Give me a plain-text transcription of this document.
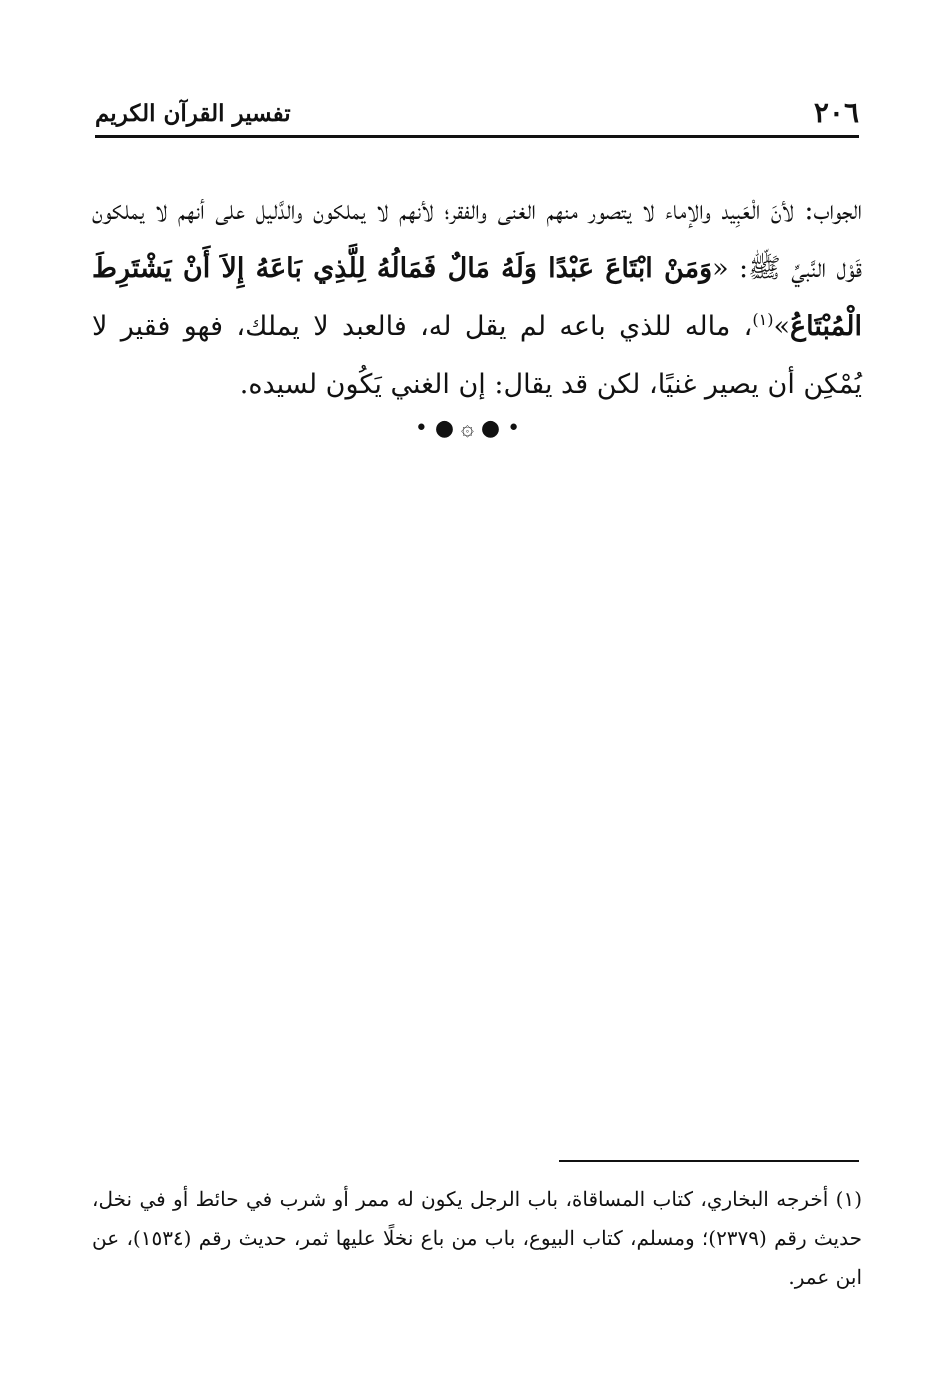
٢٠٦
تفسير القرآن الكريم

الجواب: لأنَ الْعَبِيد والإماء لا يتصور منهم الغنى والفقر؛ لأنهم لا يملكون والدَّليل على أنهم لا يملكون قَوْل النَّبيِّ ﷺ: «وَمَنْ ابْتَاعَ عَبْدًا وَلَهُ مَالٌ فَمَالُهُ لِلَّذِي بَاعَهُ إِلاَ أَنْ يَشْتَرِطَ الْمُبْتَاعُ»$^{(١)}$، ماله للذي باعه لم يقل له، فالعبد لا يملك، فهو فقير لا يُمْكِن أن يصير غنيًا، لكن قد يقال: إن الغني يَكُون لسيده.

• ● ۞ ● •

(١) أخرجه البخاري، كتاب المساقاة، باب الرجل يكون له ممر أو شرب في حائط أو في نخل، حديث رقم (٢٣٧٩)؛ ومسلم، كتاب البيوع، باب من باع نخلًا عليها ثمر، حديث رقم (١٥٣٤)، عن ابن عمر.
